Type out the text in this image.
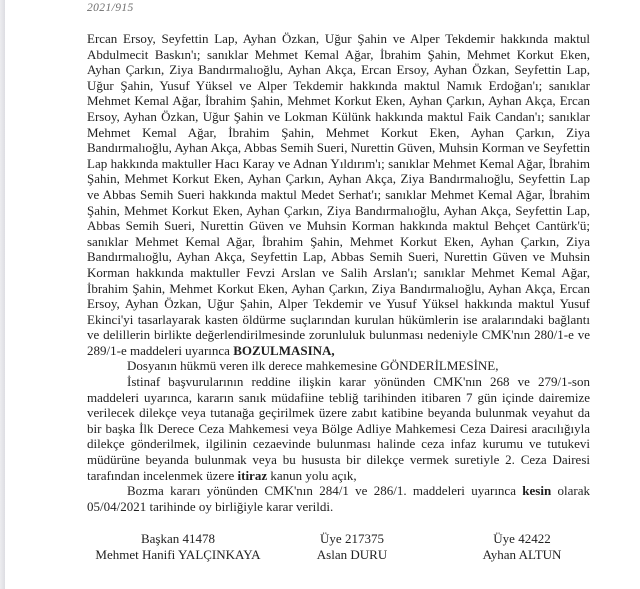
2021/915

Ercan Ersoy, Seyfettin Lap, Ayhan Özkan, Uğur Şahin ve Alper Tekdemir hakkında maktul Abdulmecit Baskın'ı; sanıklar Mehmet Kemal Ağar, İbrahim Şahin, Mehmet Korkut Eken, Ayhan Çarkın, Ziya Bandırmalıoğlu, Ayhan Akça, Ercan Ersoy, Ayhan Özkan, Seyfettin Lap, Uğur Şahin, Yusuf Yüksel ve Alper Tekdemir hakkında maktul Namık Erdoğan'ı; sanıklar Mehmet Kemal Ağar, İbrahim Şahin, Mehmet Korkut Eken, Ayhan Çarkın, Ayhan Akça, Ercan Ersoy, Ayhan Özkan, Uğur Şahin ve Lokman Külünk hakkında maktul Faik Candan'ı; sanıklar Mehmet Kemal Ağar, İbrahim Şahin, Mehmet Korkut Eken, Ayhan Çarkın, Ziya Bandırmalıoğlu, Ayhan Akça, Abbas Semih Sueri, Nurettin Güven, Muhsin Korman ve Seyfettin Lap hakkında maktuller Hacı Karay ve Adnan Yıldırım'ı; sanıklar Mehmet Kemal Ağar, İbrahim Şahin, Mehmet Korkut Eken, Ayhan Çarkın, Ayhan Akça, Ziya Bandırmalıoğlu, Seyfettin Lap ve Abbas Semih Sueri hakkında maktul Medet Serhat'ı; sanıklar Mehmet Kemal Ağar, İbrahim Şahin, Mehmet Korkut Eken, Ayhan Çarkın, Ziya Bandırmalıoğlu, Ayhan Akça, Seyfettin Lap, Abbas Semih Sueri, Nurettin Güven ve Muhsin Korman hakkında maktul Behçet Cantürk'ü; sanıklar Mehmet Kemal Ağar, İbrahim Şahin, Mehmet Korkut Eken, Ayhan Çarkın, Ziya Bandırmalıoğlu, Ayhan Akça, Seyfettin Lap, Abbas Semih Sueri, Nurettin Güven ve Muhsin Korman hakkında maktuller Fevzi Arslan ve Salih Arslan'ı; sanıklar Mehmet Kemal Ağar, İbrahim Şahin, Mehmet Korkut Eken, Ayhan Çarkın, Ziya Bandırmalıoğlu, Ayhan Akça, Ercan Ersoy, Ayhan Özkan, Uğur Şahin, Alper Tekdemir ve Yusuf Yüksel hakkında maktul Yusuf Ekinci'yi tasarlayarak kasten öldürme suçlarından kurulan hükümlerin ise aralarındaki bağlantı ve delillerin birlikte değerlendirilmesinde zorunluluk bulunması nedeniyle CMK'nın 280/1-e ve 289/1-e maddeleri uyarınca BOZULMASINA,

Dosyanın hükmü veren ilk derece mahkemesine GÖNDERİLMESİNE,

İstinaf başvurularının reddine ilişkin karar yönünden CMK'nın 268 ve 279/1-son maddeleri uyarınca, kararın sanık müdafiine tebliğ tarihinden itibaren 7 gün içinde dairemize verilecek dilekçe veya tutanağa geçirilmek üzere zabıt katibine beyanda bulunmak veyahut da bir başka İlk Derece Ceza Mahkemesi veya Bölge Adliye Mahkemesi Ceza Dairesi aracılığıyla dilekçe gönderilmek, ilgilinin cezaevinde bulunması halinde ceza infaz kurumu ve tutukevi müdürüne beyanda bulunmak veya bu hususta bir dilekçe vermek suretiyle 2. Ceza Dairesi tarafından incelenmek üzere itiraz kanun yolu açık,

Bozma kararı yönünden CMK'nın 284/1 ve 286/1. maddeleri uyarınca kesin olarak 05/04/2021 tarihinde oy birliğiyle karar verildi.

Başkan 41478
Mehmet Hanifi YALÇINKAYA
Üye 217375
Aslan DURU
Üye 42422
Ayhan ALTUN
